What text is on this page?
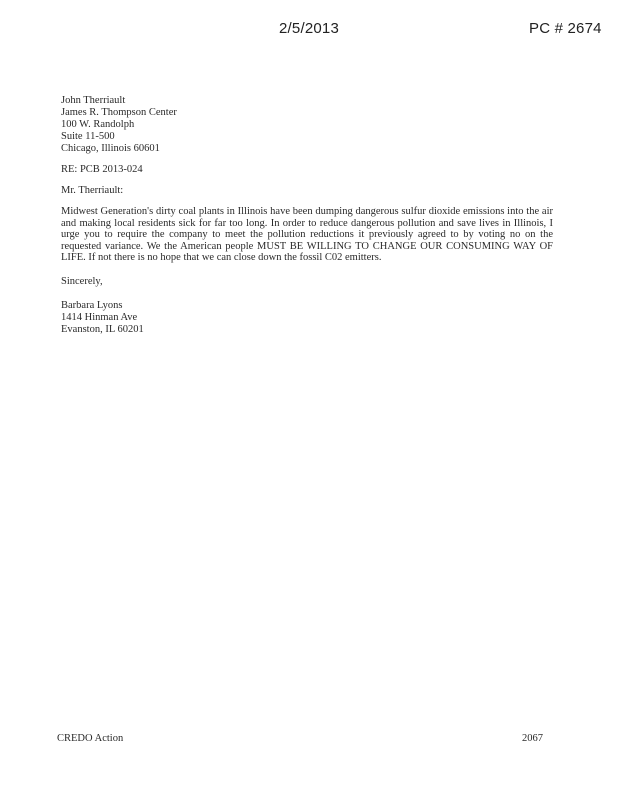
2/5/2013	PC # 2674
John Therriault
James R. Thompson Center
100 W. Randolph
Suite 11-500
Chicago, Illinois 60601
RE: PCB 2013-024
Mr. Therriault:
Midwest Generation's dirty coal plants in Illinois have been dumping dangerous sulfur dioxide emissions into the air and making local residents sick for far too long. In order to reduce dangerous pollution and save lives in Illinois, I urge you to require the company to meet the pollution reductions it previously agreed to by voting no on the requested variance. We the American people MUST BE WILLING TO CHANGE OUR CONSUMING WAY OF LIFE. If not there is no hope that we can close down the fossil C02 emitters.
Sincerely,
Barbara Lyons
1414 Hinman Ave
Evanston, IL 60201
CREDO Action	2067
